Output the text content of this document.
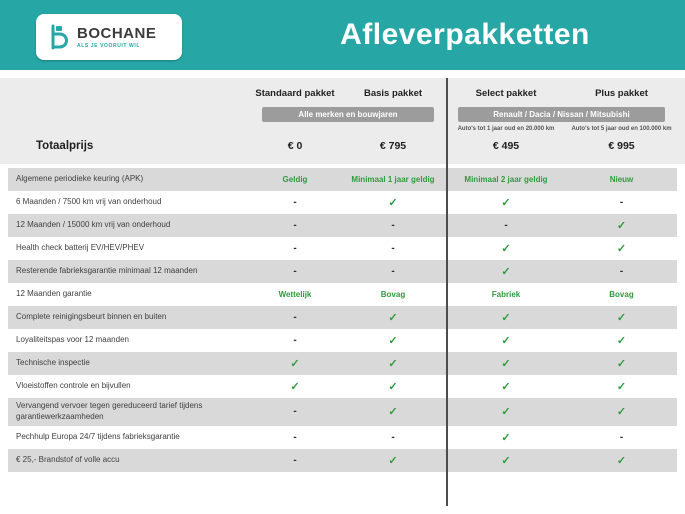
BOCHANE
ALS JE VOORUIT WIL	Afleverpakketten
Standaard pakket	Basis pakket	Select pakket	Plus pakket
Alle merken en bouwjaren	Renault / Dacia / Nissan / Mitsubishi
Auto's tot 1 jaar oud en 20.000 km	Auto's tot 5 jaar oud en 100.000 km
Totaalprijs	€ 0	€ 795	€ 495	€ 995
Algemene periodieke keuring (APK)	Geldig	Minimaal 1 jaar geldig	Minimaal 2 jaar geldig	Nieuw
6 Maanden / 7500 km vrij van onderhoud	-	✓	✓	-
12 Maanden / 15000 km vrij van onderhoud	-	-	-	✓
Health check batterij EV/HEV/PHEV	-	-	✓	✓
Resterende fabrieksgarantie minimaal 12 maanden	-	-	✓	-
12 Maanden garantie	Wettelijk	Bovag	Fabriek	Bovag
Complete reinigingsbeurt binnen en buiten	-	✓	✓	✓
Loyaliteitspas voor 12 maanden	-	✓	✓	✓
Technische inspectie	✓	✓	✓	✓
Vloeistoffen controle en bijvullen	✓	✓	✓	✓
Vervangend vervoer tegen gereduceerd tarief tijdens garantiewerkzaamheden	-	✓	✓	✓
Pechhulp Europa 24/7 tijdens fabrieksgarantie	-	-	✓	-
€ 25,- Brandstof of volle accu	-	✓	✓	✓
